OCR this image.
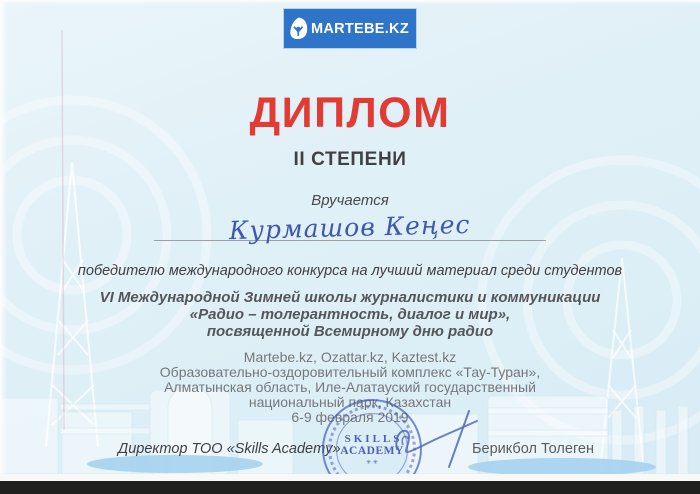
MARTEBE.KZ
ДИПЛОМ
II СТЕПЕНИ
Вручается
Курмашов Кеңес
победителю международного конкурса на лучший материал среди студентов
VI Международной Зимней школы журналистики и коммуникации
«Радио – толерантность, диалог и мир»,
посвященной Всемирному дню радио
Martebe.kz, Ozattar.kz, Kaztest.kz
Образовательно-оздоровительный комплекс «Тау-Туран»,
Алматынская область, Иле-Алатауский государственный
национальный парк, Казахстан
6-9 февраля 2019
Директор ТОО «Skills Academy»	Берикбол Толеген
SKILLS
ACADEMY
✳ ✳
